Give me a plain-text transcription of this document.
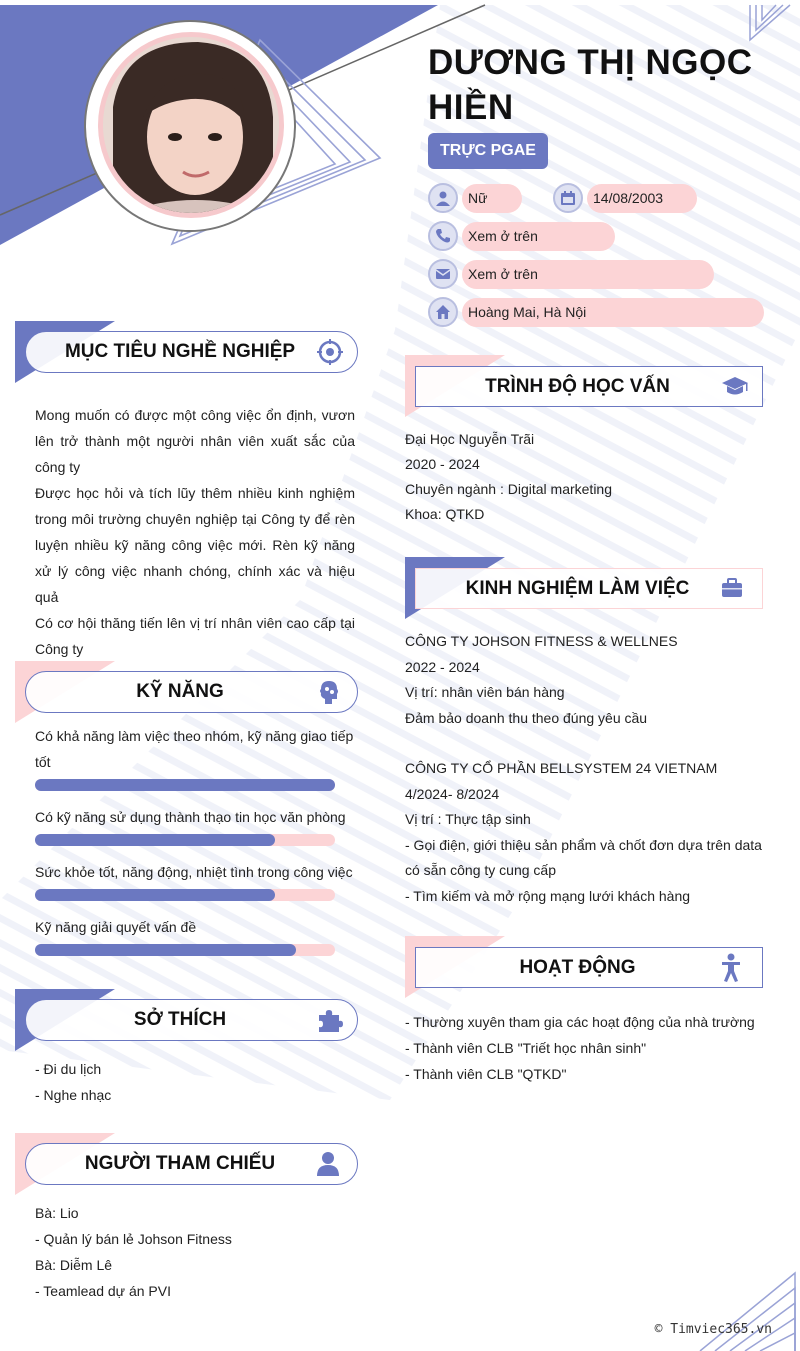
DƯƠNG THỊ NGỌC HIỀN
TRỰC PGAE
Nữ	14/08/2003
Xem ở trên
Xem ở trên
Hoàng Mai, Hà Nội
MỤC TIÊU NGHỀ NGHIỆP

Mong muốn có được một công việc ổn định, vươn lên trở thành một người nhân viên xuất sắc của công ty

Được học hỏi và tích lũy thêm nhiều kinh nghiệm trong môi trường chuyên nghiệp tại Công ty để rèn luyện nhiều kỹ năng công việc mới. Rèn kỹ năng xử lý công việc nhanh chóng, chính xác và hiệu quả

Có cơ hội thăng tiến lên vị trí nhân viên cao cấp tại Công ty

KỸ NĂNG
Có khả năng làm việc theo nhóm, kỹ năng giao tiếp tốt
Có kỹ năng sử dụng thành thạo tin học văn phòng
Sức khỏe tốt, năng động, nhiệt tình trong công việc
Kỹ năng giải quyết vấn đề
SỞ THÍCH

- Đi du lịch

- Nghe nhạc

NGƯỜI THAM CHIẾU

Bà: Lio

- Quản lý bán lẻ Johson Fitness

Bà: Diễm Lê

- Teamlead dự án PVI

TRÌNH ĐỘ HỌC VẤN

Đại Học Nguyễn Trãi

2020 - 2024

Chuyên ngành : Digital marketing

Khoa: QTKD

KINH NGHIỆM LÀM VIỆC

CÔNG TY JOHSON FITNESS & WELLNES

2022 - 2024

Vị trí: nhân viên bán hàng

Đảm bảo doanh thu theo đúng yêu cầu

CÔNG TY CỔ PHẦN BELLSYSTEM 24 VIETNAM

4/2024- 8/2024

Vị trí : Thực tập sinh

- Gọi điện, giới thiệu sản phẩm và chốt đơn dựa trên data có sẵn công ty cung cấp

- Tìm kiếm và mở rộng mạng lưới khách hàng

HOẠT ĐỘNG

- Thường xuyên tham gia các hoạt động của nhà trường

- Thành viên CLB "Triết học nhân sinh"

- Thành viên CLB "QTKD"

© Timviec365.vn
